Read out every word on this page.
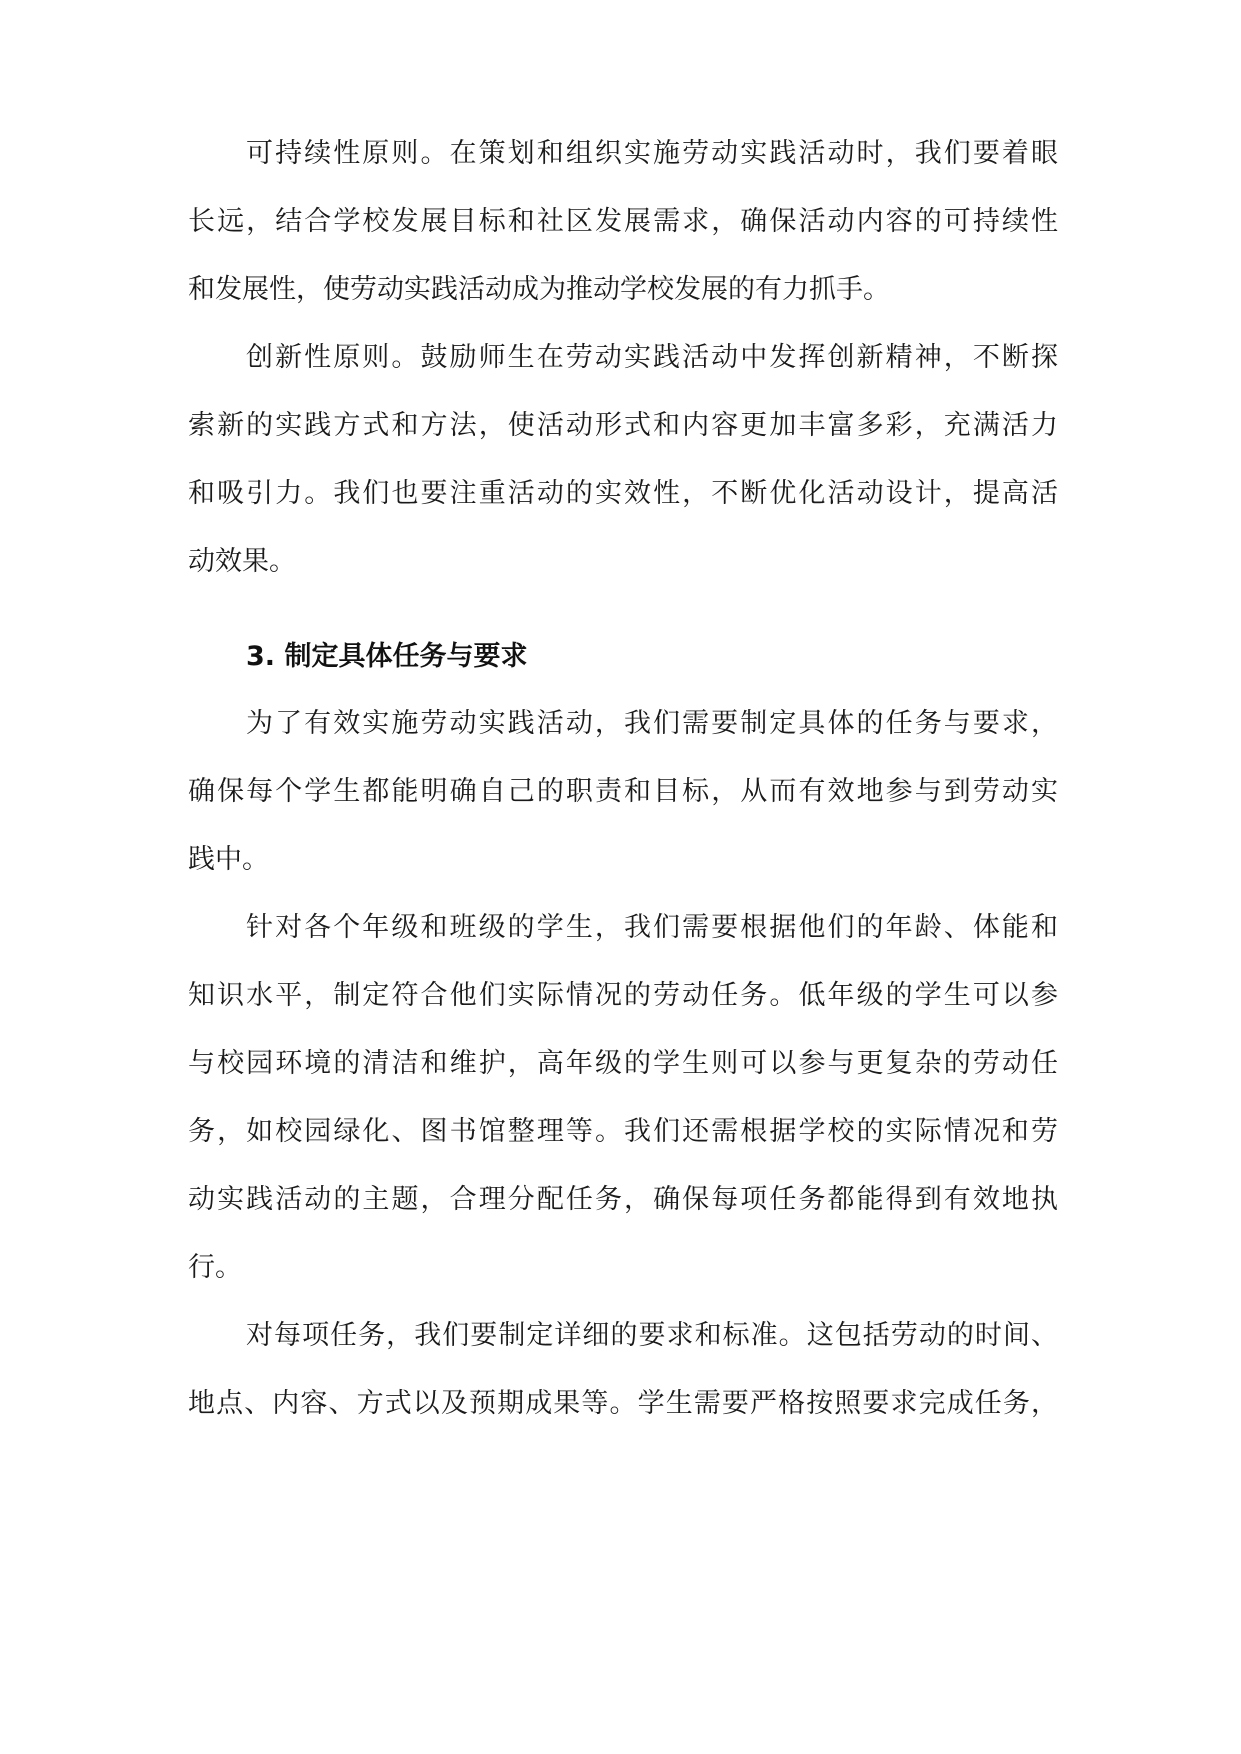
可持续性原则。在策划和组织实施劳动实践活动时，我们要着眼
长远，结合学校发展目标和社区发展需求，确保活动内容的可持续性
和发展性，使劳动实践活动成为推动学校发展的有力抓手。
创新性原则。鼓励师生在劳动实践活动中发挥创新精神，不断探
索新的实践方式和方法，使活动形式和内容更加丰富多彩，充满活力
和吸引力。我们也要注重活动的实效性，不断优化活动设计，提高活
动效果。
3. 制定具体任务与要求
为了有效实施劳动实践活动，我们需要制定具体的任务与要求，
确保每个学生都能明确自己的职责和目标，从而有效地参与到劳动实
践中。
针对各个年级和班级的学生，我们需要根据他们的年龄、体能和
知识水平，制定符合他们实际情况的劳动任务。低年级的学生可以参
与校园环境的清洁和维护，高年级的学生则可以参与更复杂的劳动任
务，如校园绿化、图书馆整理等。我们还需根据学校的实际情况和劳
动实践活动的主题，合理分配任务，确保每项任务都能得到有效地执
行。
对每项任务，我们要制定详细的要求和标准。这包括劳动的时间、
地点、内容、方式以及预期成果等。学生需要严格按照要求完成任务，
